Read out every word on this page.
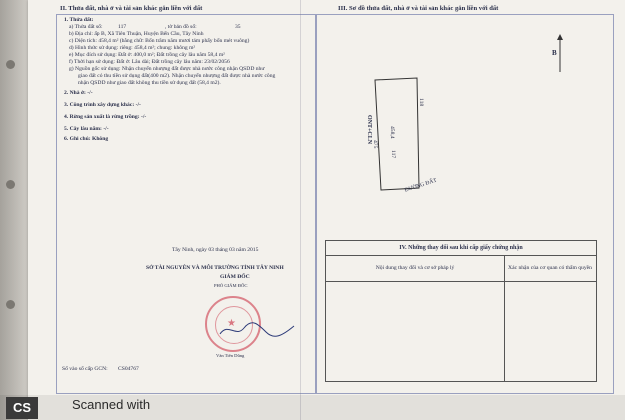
II. Thửa đất, nhà ở và tài sản khác gắn liền với đất
1. Thửa đất:
a) Thửa đất số:	117	, tờ bản đồ số:	35
b) Địa chỉ: ấp B, Xã Tiên Thuận, Huyện Bến Cầu, Tây Ninh
c) Diện tích: 458,4 m² (bằng chữ: Bốn trăm năm mươi tám phẩy bốn mét vuông)
d) Hình thức sử dụng: riêng: 458,4 m²; chung: không m²
e) Mục đích sử dụng: Đất ở: 400,0 m²; Đất trồng cây lâu năm 58,4 m²
f) Thời hạn sử dụng: Đất ở: Lâu dài; Đất trồng cây lâu năm: 23/02/2056
g) Nguồn gốc sử dụng: Nhận chuyển nhượng đất được nhà nước công nhận QSDD như
giao đất có thu tiền sử dụng đất(400 m2). Nhận chuyển nhượng đất được nhà nước công
nhận QSDD như giao đất không thu tiền sử dụng đất (58,4 m2).
2. Nhà ở: -/-
3. Công trình xây dựng khác: -/-
4. Rừng sản xuất là rừng trồng: -/-
5. Cây lâu năm: -/-
6. Ghi chú: Không
Tây Ninh, ngày 03 tháng 03 năm 2015
SỞ TÀI NGUYÊN VÀ MÔI TRƯỜNG TỈNH TÂY NINH
GIÁM ĐỐC
PHÓ GIÁM ĐỐC
★
Văn Tiến Dũng
Số vào sổ cấp GCN: CS04767
III. Sơ đồ thửa đất, nhà ở và tài sản khác gắn liền với đất
B
ONT+CLN
117
458,4
118
475
ĐƯỜNG ĐẤT
IV. Những thay đổi sau khi cấp giấy chứng nhận
Nội dung thay đổi và cơ sở pháp lý	Xác nhận của cơ quan có thẩm quyền
CS	Scanned with
